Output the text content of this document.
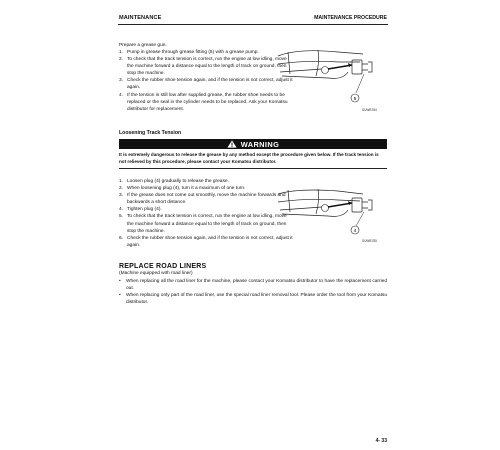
MAINTENANCE	MAINTENANCE PROCEDURE
Prepare a grease gun.
1. Pump in grease through grease fitting (5) with a grease pump.
2. To check that the track tension is correct, run the engine at low idling, move the machine forward a distance equal to the length of track on ground, then stop the machine.
3. Check the rubber shoe tension again, and if the tension is not correct, adjust it again.
4. If the tension is still low after supplied grease, the rubber shoe needs to be replaced or the seal in the cylinder needs to be replaced. Ask your Komatsu distributor for replacement.
5
SUWB784
Loosening Track Tension
WARNING
It is extremely dangerous to release the grease by any method except the procedure given below. If the track tension is not relieved by this procedure, please contact your Komatsu distributor.
1. Loosen plug (4) gradually to release the grease.
2. When loosening plug (4), turn it a maximum of one turn.
3. If the grease does not come out smoothly, move the machine forwards and backwards a short distance.
4. Tighten plug (4).
5. To check that the track tension is correct, run the engine at low idling, move the machine forward a distance equal to the length of track on ground, then stop the machine.
6. Check the rubber shoe tension again, and if the tension is not correct, adjust it again.
4
SUWB785
REPLACE ROAD LINERS
(Machine equipped with road liner)
• When replacing all the road liner for the machine, please contact your Komatsu distributor to have the replacement carried out.
• When replacing only part of the road liner, use the special road liner removal tool. Please order the tool from your Komatsu distributor.
4- 33
